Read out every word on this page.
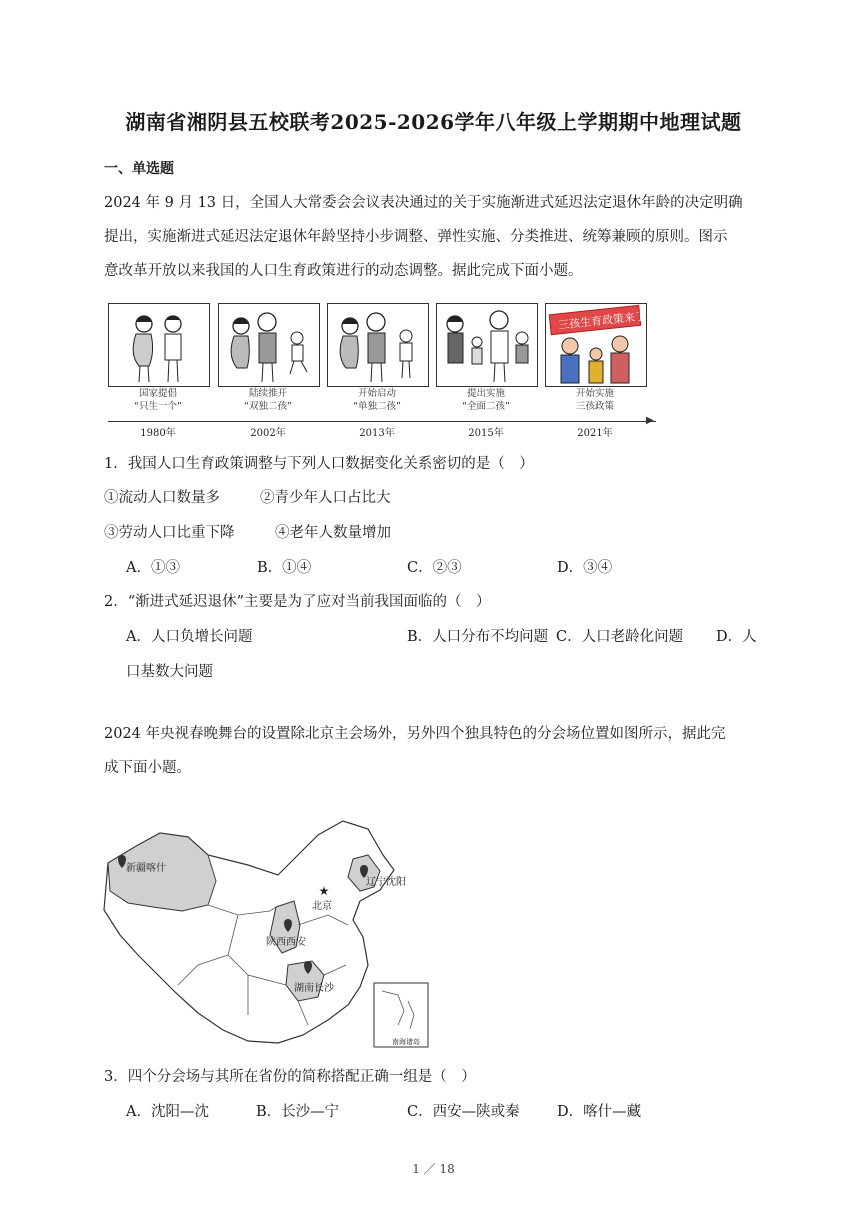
湖南省湘阴县五校联考2025-2026学年八年级上学期期中地理试题
一、单选题
2024 年 9 月 13 日，全国人大常委会会议表决通过的关于实施渐进式延迟法定退休年龄的决定明确
提出，实施渐进式延迟法定退休年龄坚持小步调整、弹性实施、分类推进、统筹兼顾的原则。图示
意改革开放以来我国的人口生育政策进行的动态调整。据此完成下面小题。
三孩生育政策来了
国家提倡
“只生一个”
陆续推开
“双独二孩”
开始启动
“单独二孩”
提出实施
“全面二孩”
开始实施
三孩政策
▶
1980年	2002年	2013年	2015年	2021年
1．我国人口生育政策调整与下列人口数据变化关系密切的是（　）
①流动人口数量多	②青少年人口占比大
③劳动人口比重下降	④老年人数量增加
A．①③	B．①④	C．②③	D．③④
2．“渐进式延迟退休”主要是为了应对当前我国面临的（　）
A．人口负增长问题	B．人口分布不均问题 C．人口老龄化问题 D．人
口基数大问题
2024 年央视春晚舞台的设置除北京主会场外，另外四个独具特色的分会场位置如图所示，据此完
成下面小题。
★
新疆喀什
辽宁沈阳
北京
陕西西安
湖南长沙
南海诸岛
3．四个分会场与其所在省份的简称搭配正确一组是（　）
A．沈阳—沈	B．长沙—宁	C．西安—陕或秦	D．喀什—藏
1 ／ 18
